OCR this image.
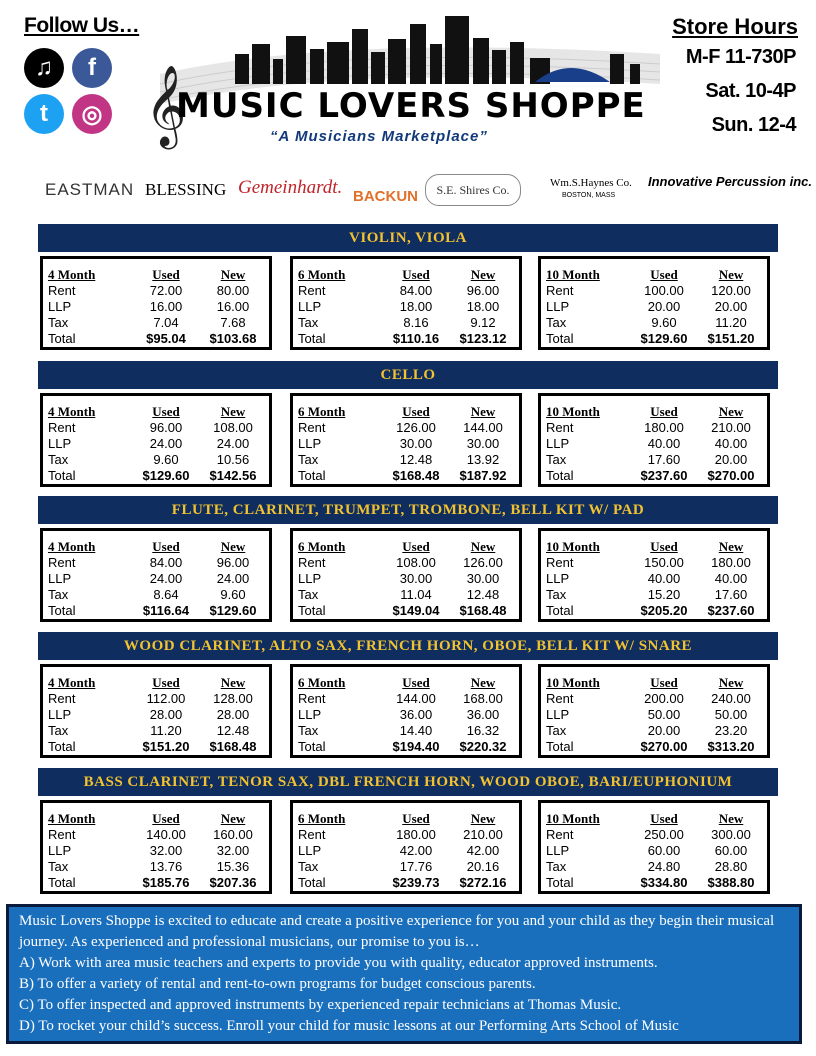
Follow Us…
♫	f
t	◎ 𝄞
MUSIC LOVERS SHOPPE
“A Musicians Marketplace”
Store Hours
M-F 11-730P
Sat. 10-4P
Sun. 12-4
EASTMAN BLESSING Gemeinhardt. BACKUN	S.E. Shires Co.	Wm.S.Haynes Co.
BOSTON, MASS
Innovative Percussion inc.
VIOLIN, VIOLA
4 Month	Used	New
Rent	72.00	80.00
LLP	16.00	16.00
Tax	7.04	7.68
Total	$95.04	$103.68
6 Month	Used	New
Rent	84.00	96.00
LLP	18.00	18.00
Tax	8.16	9.12
Total	$110.16	$123.12
10 Month	Used	New
Rent	100.00	120.00
LLP	20.00	20.00
Tax	9.60	11.20
Total	$129.60	$151.20
CELLO
4 Month	Used	New
Rent	96.00	108.00
LLP	24.00	24.00
Tax	9.60	10.56
Total	$129.60	$142.56
6 Month	Used	New
Rent	126.00	144.00
LLP	30.00	30.00
Tax	12.48	13.92
Total	$168.48	$187.92
10 Month	Used	New
Rent	180.00	210.00
LLP	40.00	40.00
Tax	17.60	20.00
Total	$237.60	$270.00
FLUTE, CLARINET, TRUMPET, TROMBONE, BELL KIT W/ PAD
4 Month	Used	New
Rent	84.00	96.00
LLP	24.00	24.00
Tax	8.64	9.60
Total	$116.64	$129.60
6 Month	Used	New
Rent	108.00	126.00
LLP	30.00	30.00
Tax	11.04	12.48
Total	$149.04	$168.48
10 Month	Used	New
Rent	150.00	180.00
LLP	40.00	40.00
Tax	15.20	17.60
Total	$205.20	$237.60
WOOD CLARINET, ALTO SAX, FRENCH HORN, OBOE, BELL KIT W/ SNARE
4 Month	Used	New
Rent	112.00	128.00
LLP	28.00	28.00
Tax	11.20	12.48
Total	$151.20	$168.48
6 Month	Used	New
Rent	144.00	168.00
LLP	36.00	36.00
Tax	14.40	16.32
Total	$194.40	$220.32
10 Month	Used	New
Rent	200.00	240.00
LLP	50.00	50.00
Tax	20.00	23.20
Total	$270.00	$313.20
BASS CLARINET, TENOR SAX, DBL FRENCH HORN, WOOD OBOE, BARI/EUPHONIUM
4 Month	Used	New
Rent	140.00	160.00
LLP	32.00	32.00
Tax	13.76	15.36
Total	$185.76	$207.36
6 Month	Used	New
Rent	180.00	210.00
LLP	42.00	42.00
Tax	17.76	20.16
Total	$239.73	$272.16
10 Month	Used	New
Rent	250.00	300.00
LLP	60.00	60.00
Tax	24.80	28.80
Total	$334.80	$388.80

Music Lovers Shoppe is excited to educate and create a positive experience for you and your child as they begin their musical journey. As experienced and professional musicians, our promise to you is…

A) Work with area music teachers and experts to provide you with quality, educator approved instruments.

B) To offer a variety of rental and rent-to-own programs for budget conscious parents.

C) To offer inspected and approved instruments by experienced repair technicians at Thomas Music.

D) To rocket your child’s success. Enroll your child for music lessons at our Performing Arts School of Music
